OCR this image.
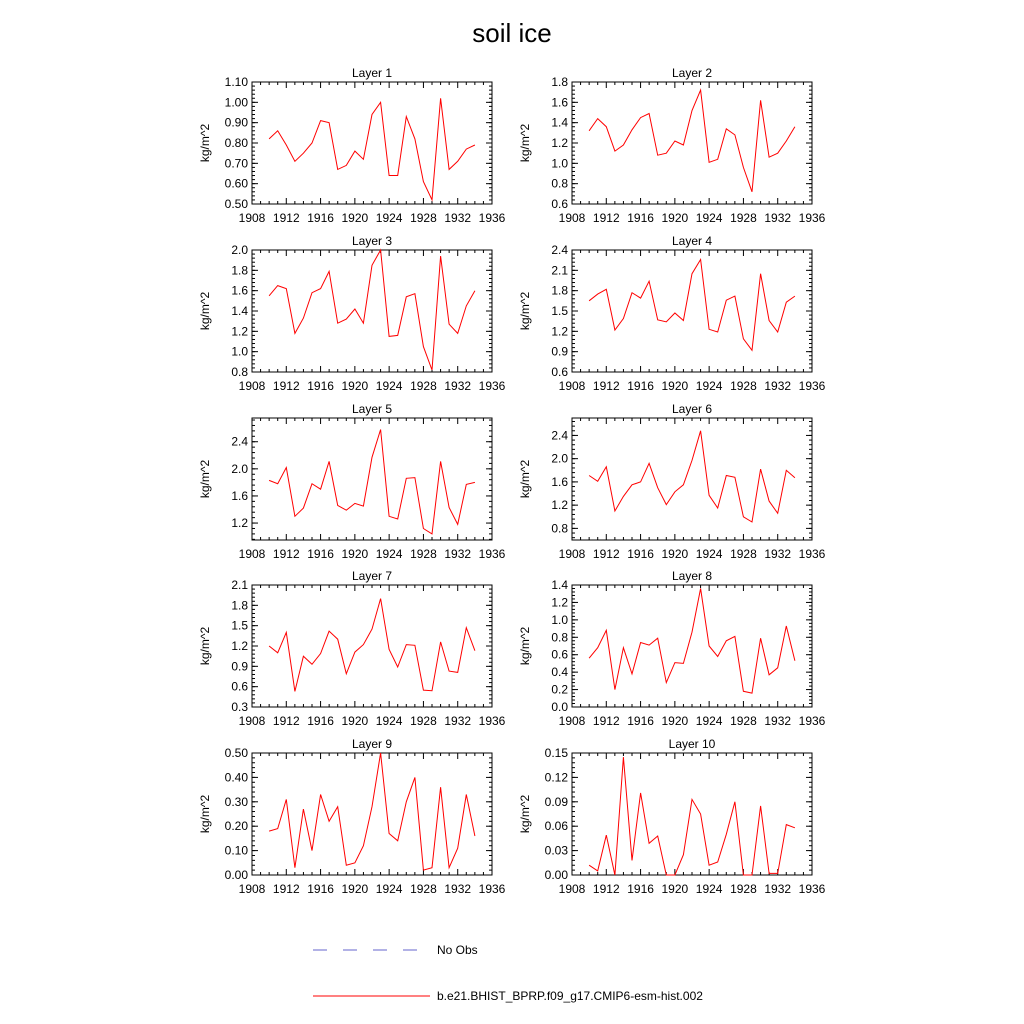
soil ice
Layer 1
1908 1912 1916 1920 1924 1928 1932 1936
0.50
0.60
0.70
0.80
0.90
1.00
1.10
kg/m^2
Layer 2
1908 1912 1916 1920 1924 1928 1932 1936
0.6
0.8
1.0
1.2
1.4
1.6
1.8
kg/m^2
Layer 3
1908 1912 1916 1920 1924 1928 1932 1936
0.8
1.0
1.2
1.4
1.6
1.8
2.0
kg/m^2
Layer 4
1908 1912 1916 1920 1924 1928 1932 1936
0.6
0.9
1.2
1.5
1.8
2.1
2.4
kg/m^2
Layer 5
1908 1912 1916 1920 1924 1928 1932 1936
1.2
1.6
2.0
2.4
kg/m^2
Layer 6
1908 1912 1916 1920 1924 1928 1932 1936
0.8
1.2
1.6
2.0
2.4
kg/m^2
Layer 7
1908 1912 1916 1920 1924 1928 1932 1936
0.3
0.6
0.9
1.2
1.5
1.8
2.1
kg/m^2
Layer 8
1908 1912 1916 1920 1924 1928 1932 1936
0.0
0.2
0.4
0.6
0.8
1.0
1.2
1.4
kg/m^2
Layer 9
1908 1912 1916 1920 1924 1928 1932 1936
0.00
0.10
0.20
0.30
0.40
0.50
kg/m^2
Layer 10
1908 1912 1916 1920 1924 1928 1932 1936
0.00
0.03
0.06
0.09
0.12
0.15
kg/m^2
No Obs
b.e21.BHIST_BPRP.f09_g17.CMIP6-esm-hist.002
